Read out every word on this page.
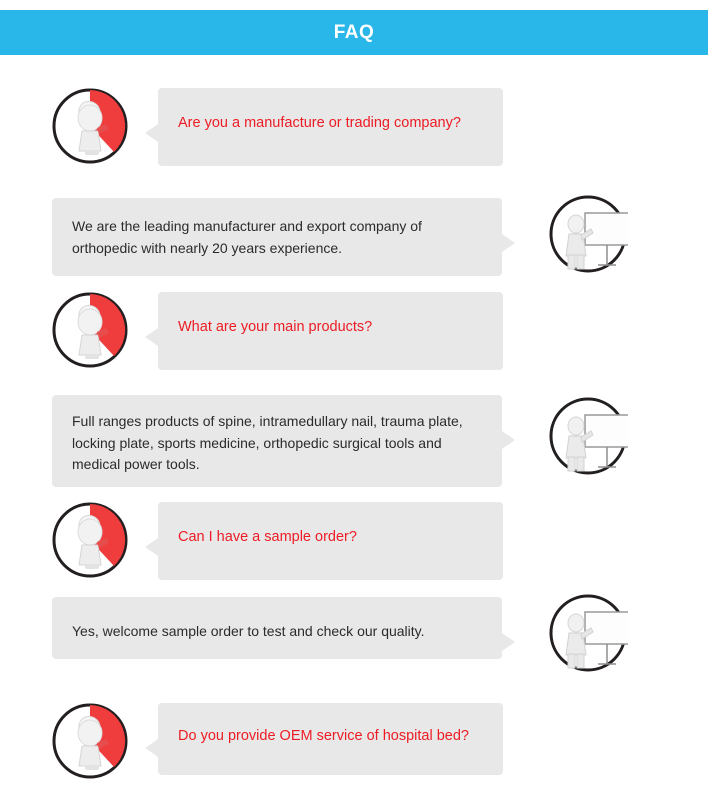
FAQ

Are you a manufacture or trading company?

We are the leading manufacturer and export company of orthopedic with nearly 20 years experience.

What are your main products?

Full ranges products of spine, intramedullary nail, trauma plate, locking plate, sports medicine, orthopedic surgical tools and medical power tools.

Can I have a sample order?

Yes, welcome sample order to test and check our quality.

Do you provide OEM service of hospital bed?
